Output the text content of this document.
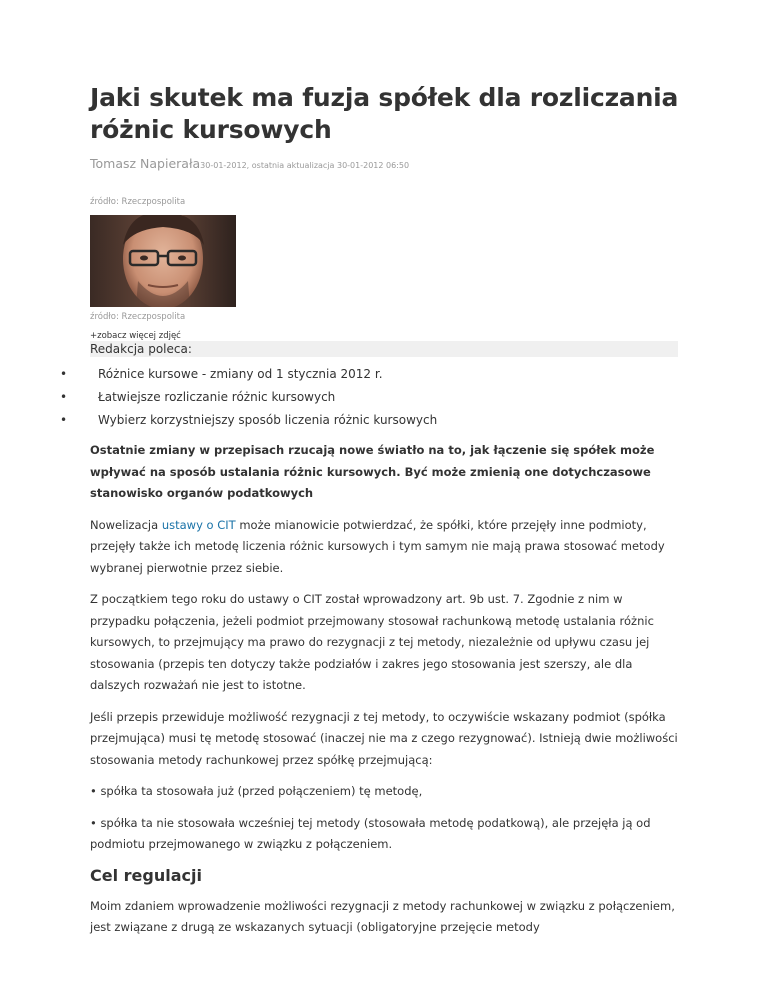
Jaki skutek ma fuzja spółek dla rozliczania różnic kursowych
Tomasz Napierała30-01-2012, ostatnia aktualizacja 30-01-2012 06:50
źródło: Rzeczpospolita
źródło: Rzeczpospolita
+zobacz więcej zdjęć
Redakcja poleca:
•	Różnice kursowe - zmiany od 1 stycznia 2012 r.
•	Łatwiejsze rozliczanie różnic kursowych
•	Wybierz korzystniejszy sposób liczenia różnic kursowych

Ostatnie zmiany w przepisach rzucają nowe światło na to, jak łączenie się spółek może wpływać na sposób ustalania różnic kursowych. Być może zmienią one dotychczasowe stanowisko organów podatkowych

Nowelizacja ustawy o CIT może mianowicie potwierdzać, że spółki, które przejęły inne podmioty, przejęły także ich metodę liczenia różnic kursowych i tym samym nie mają prawa stosować metody wybranej pierwotnie przez siebie.

Z początkiem tego roku do ustawy o CIT został wprowadzony art. 9b ust. 7. Zgodnie z nim w przypadku połączenia, jeżeli podmiot przejmowany stosował rachunkową metodę ustalania różnic kursowych, to przejmujący ma prawo do rezygnacji z tej metody, niezależnie od upływu czasu jej stosowania (przepis ten dotyczy także podziałów i zakres jego stosowania jest szerszy, ale dla dalszych rozważań nie jest to istotne.

Jeśli przepis przewiduje możliwość rezygnacji z tej metody, to oczywiście wskazany podmiot (spółka przejmująca) musi tę metodę stosować (inaczej nie ma z czego rezygnować). Istnieją dwie możliwości stosowania metody rachunkowej przez spółkę przejmującą:

• spółka ta stosowała już (przed połączeniem) tę metodę,

• spółka ta nie stosowała wcześniej tej metody (stosowała metodę podatkową), ale przejęła ją od podmiotu przejmowanego w związku z połączeniem.

Cel regulacji

Moim zdaniem wprowadzenie możliwości rezygnacji z metody rachunkowej w związku z połączeniem, jest związane z drugą ze wskazanych sytuacji (obligatoryjne przejęcie metody
